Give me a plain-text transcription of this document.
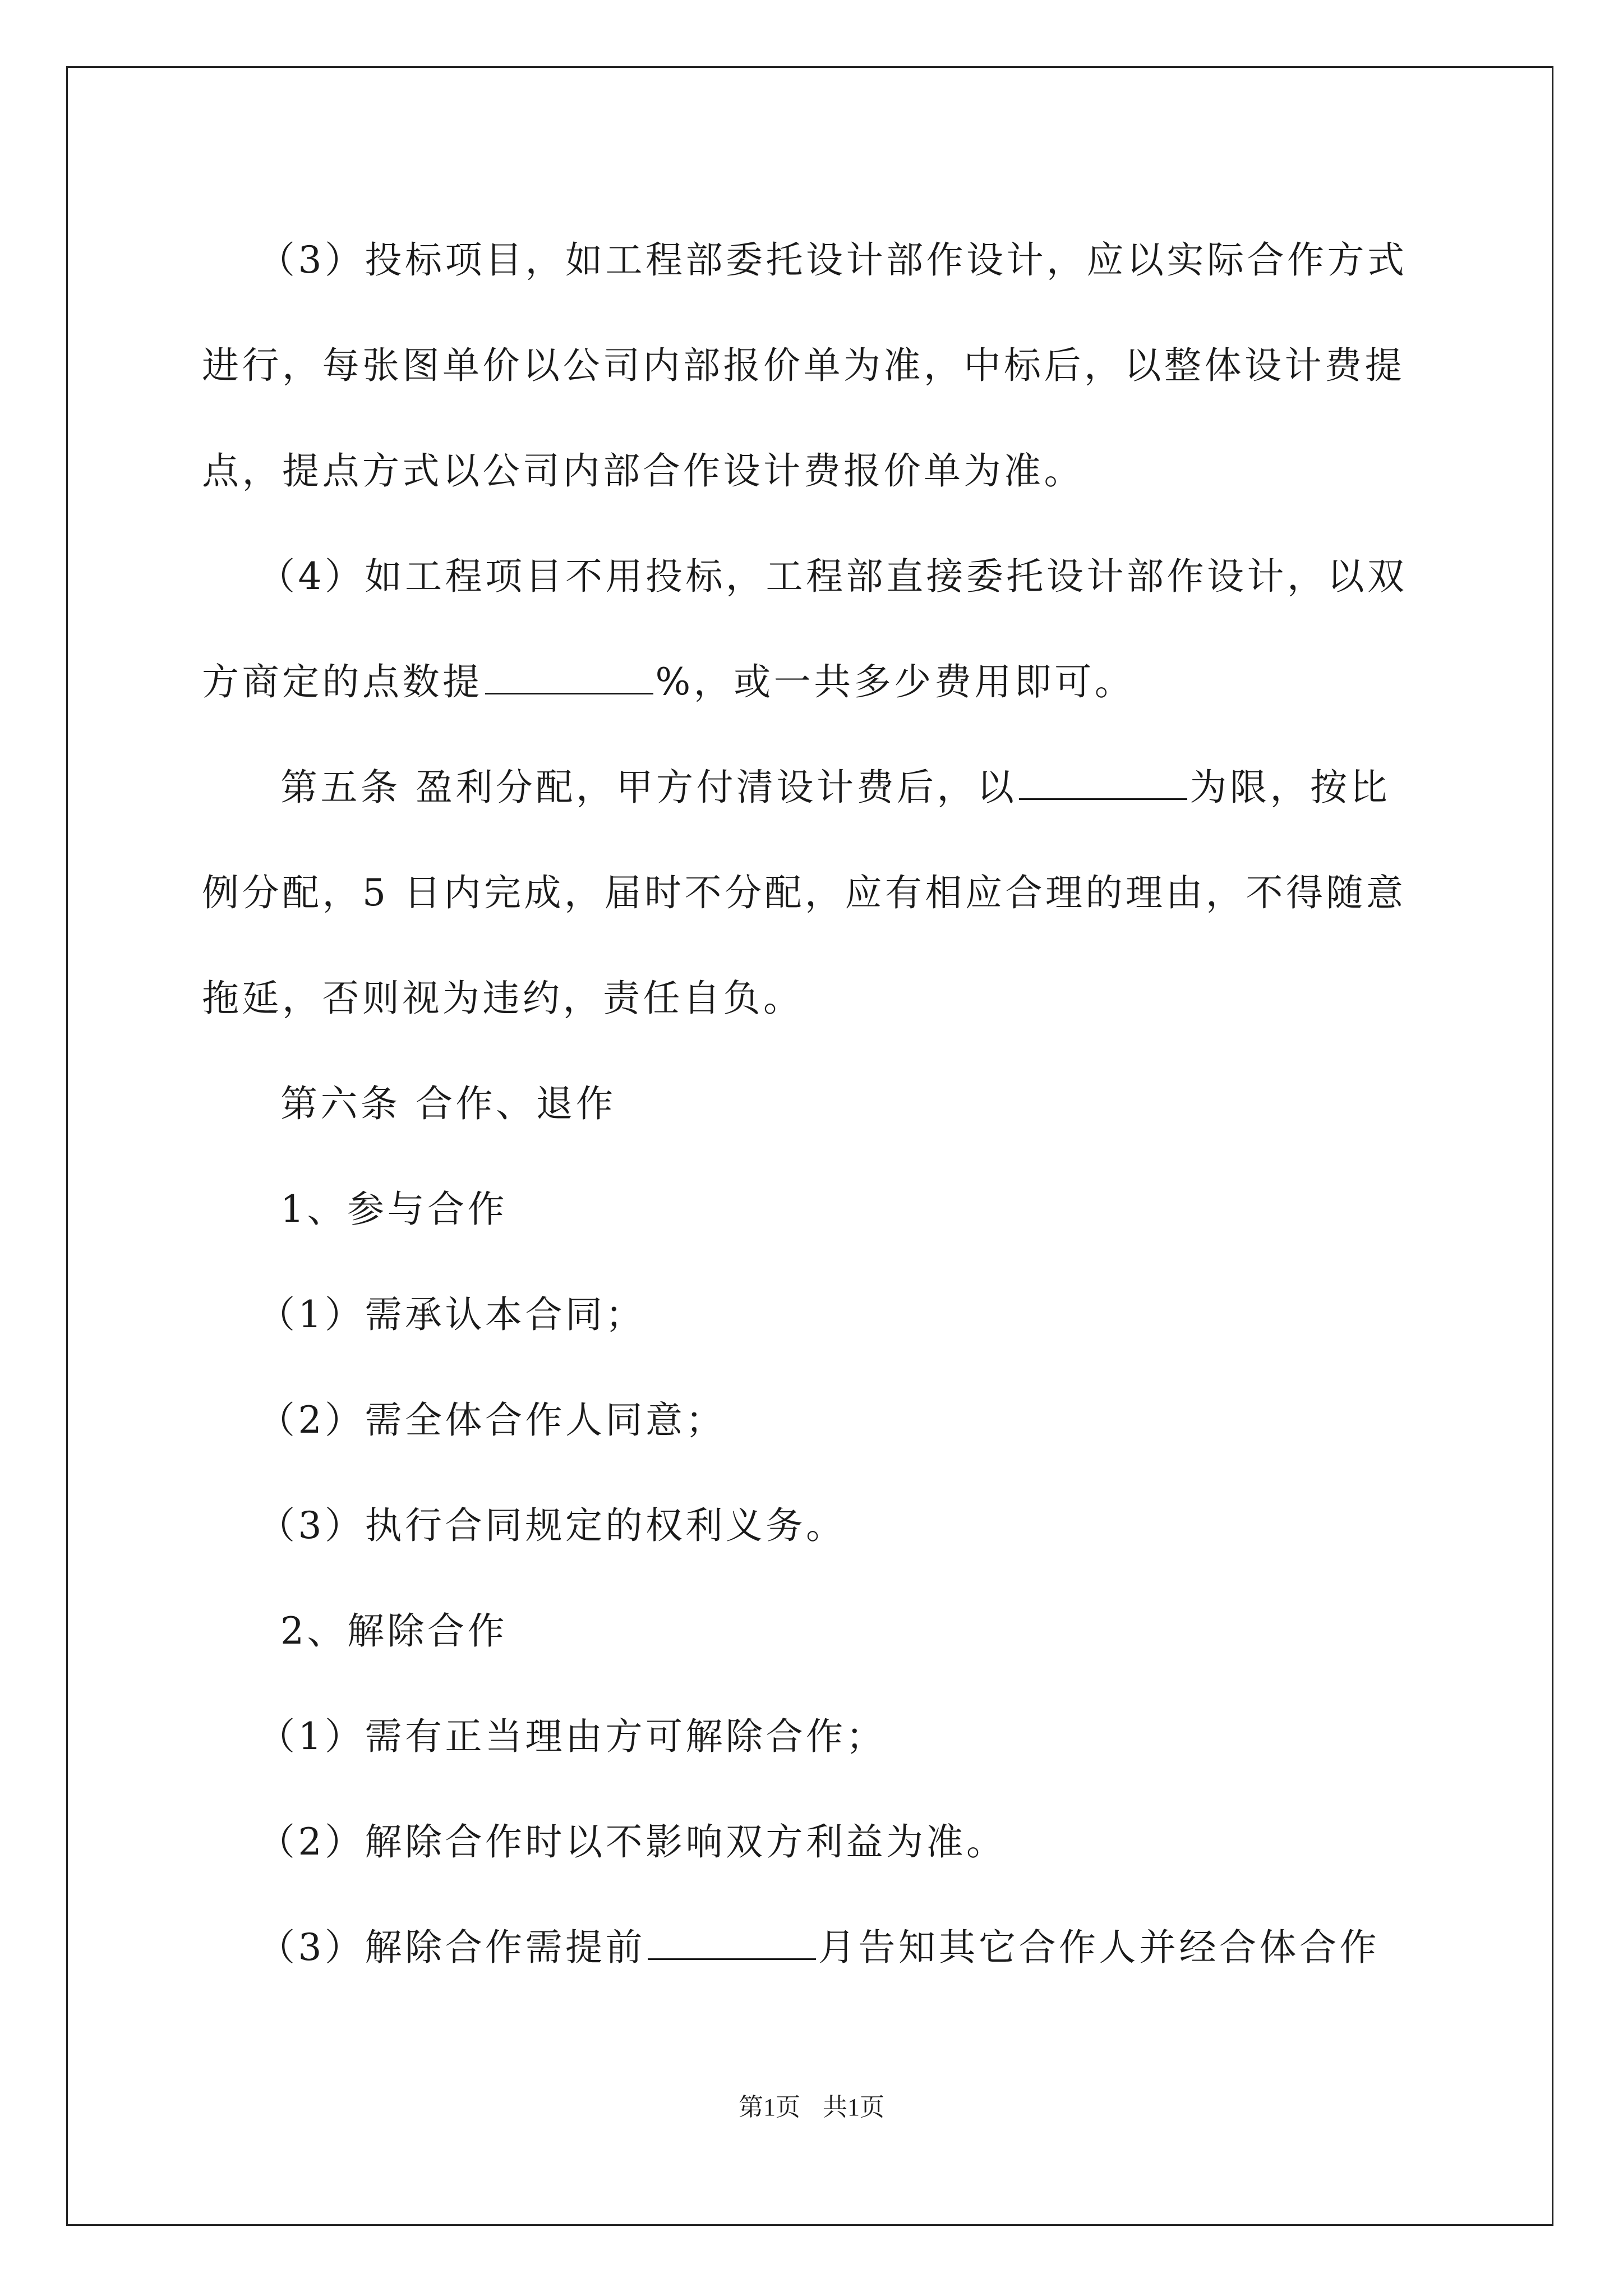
（3）投标项目，如工程部委托设计部作设计，应以实际合作方式
进行，每张图单价以公司内部报价单为准，中标后，以整体设计费提
点，提点方式以公司内部合作设计费报价单为准。
（4）如工程项目不用投标，工程部直接委托设计部作设计，以双
方商定的点数提	%，或一共多少费用即可。
第五条 盈利分配，甲方付清设计费后，以	为限，按比
例分配，5 日内完成，届时不分配，应有相应合理的理由，不得随意
拖延，否则视为违约，责任自负。
第六条 合作、退作
1、参与合作
（1）需承认本合同；
（2）需全体合作人同意；
（3）执行合同规定的权利义务。
2、解除合作
（1）需有正当理由方可解除合作；
（2）解除合作时以不影响双方利益为准。
（3）解除合作需提前	月告知其它合作人并经合体合作
第1页 共1页
